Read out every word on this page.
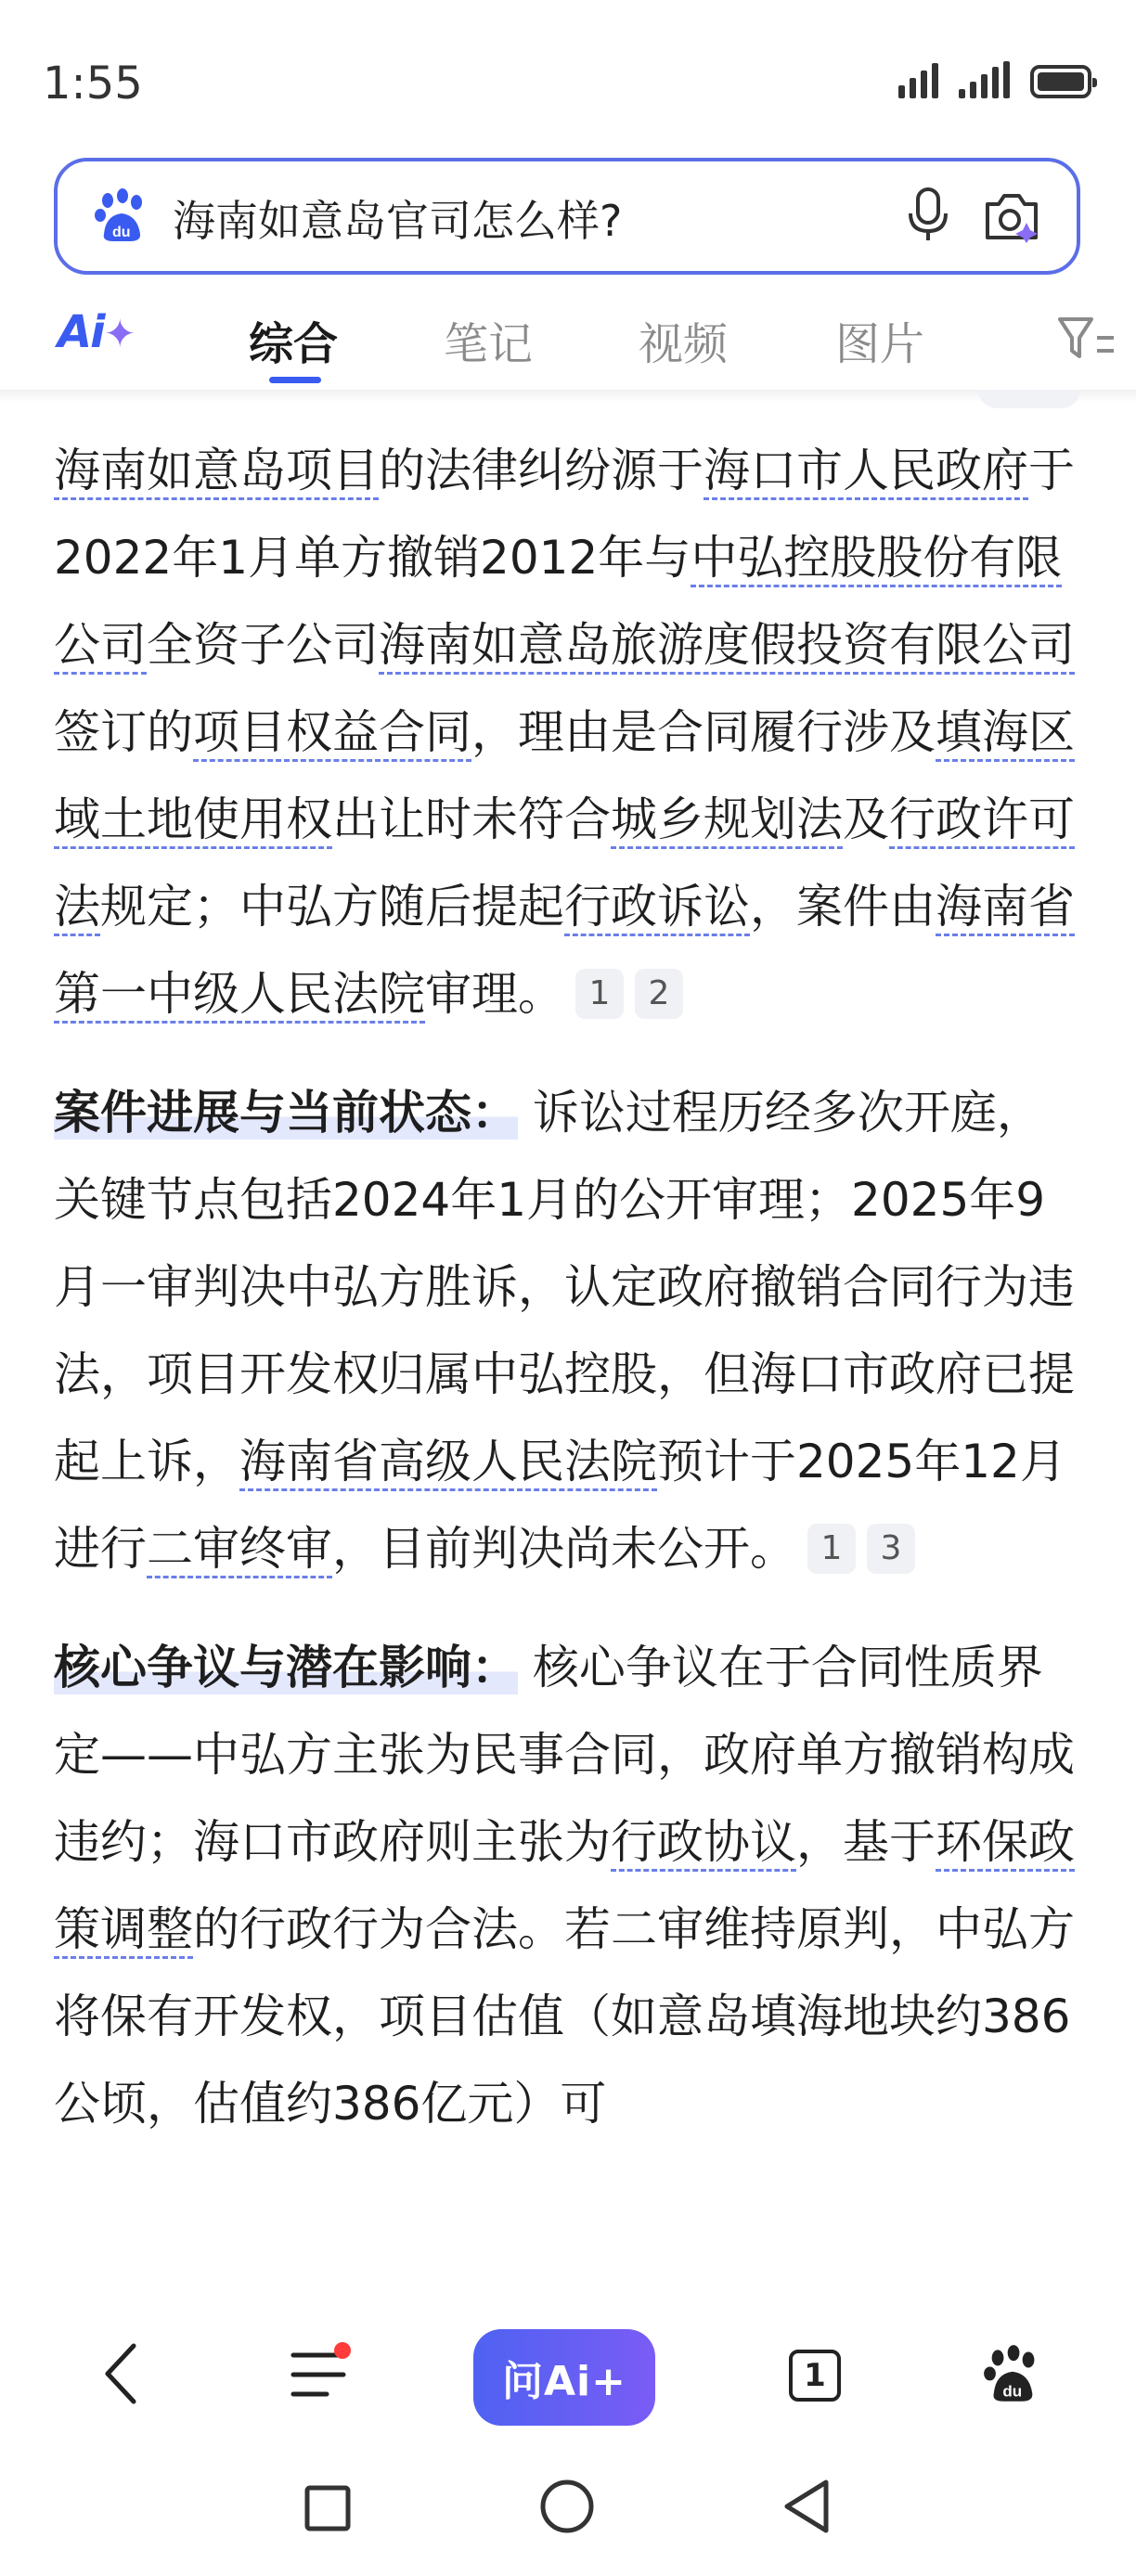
1:55
du 海南如意岛官司怎么样?
Ai✦	综合 笔记 视频 图片

海南如意岛项目的法律纠纷源于海口市人民政府于2022年1月单方撤销2012年与中弘控股股份有限公司全资子公司海南如意岛旅游度假投资有限公司签订的项目权益合同，理由是合同履行涉及填海区域土地使用权出让时未符合城乡规划法及行政许可法规定；中弘方随后提起行政诉讼，案件由海南省第一中级人民法院审理。 1 2

案件进展与当前状态： 诉讼过程历经多次开庭，关键节点包括2024年1月的公开审理；2025年9月一审判决中弘方胜诉，认定政府撤销合同行为违法，项目开发权归属中弘控股，但海口市政府已提起上诉，海南省高级人民法院预计于2025年12月进行二审终审，目前判决尚未公开。 1 3

核心争议与潜在影响： 核心争议在于合同性质界定——中弘方主张为民事合同，政府单方撤销构成违约；海口市政府则主张为行政协议，基于环保政策调整的行政行为合法。若二审维持原判，中弘方将保有开发权，项目估值（如意岛填海地块约386公顷，估值约386亿元）可

问Ai+	1	du
